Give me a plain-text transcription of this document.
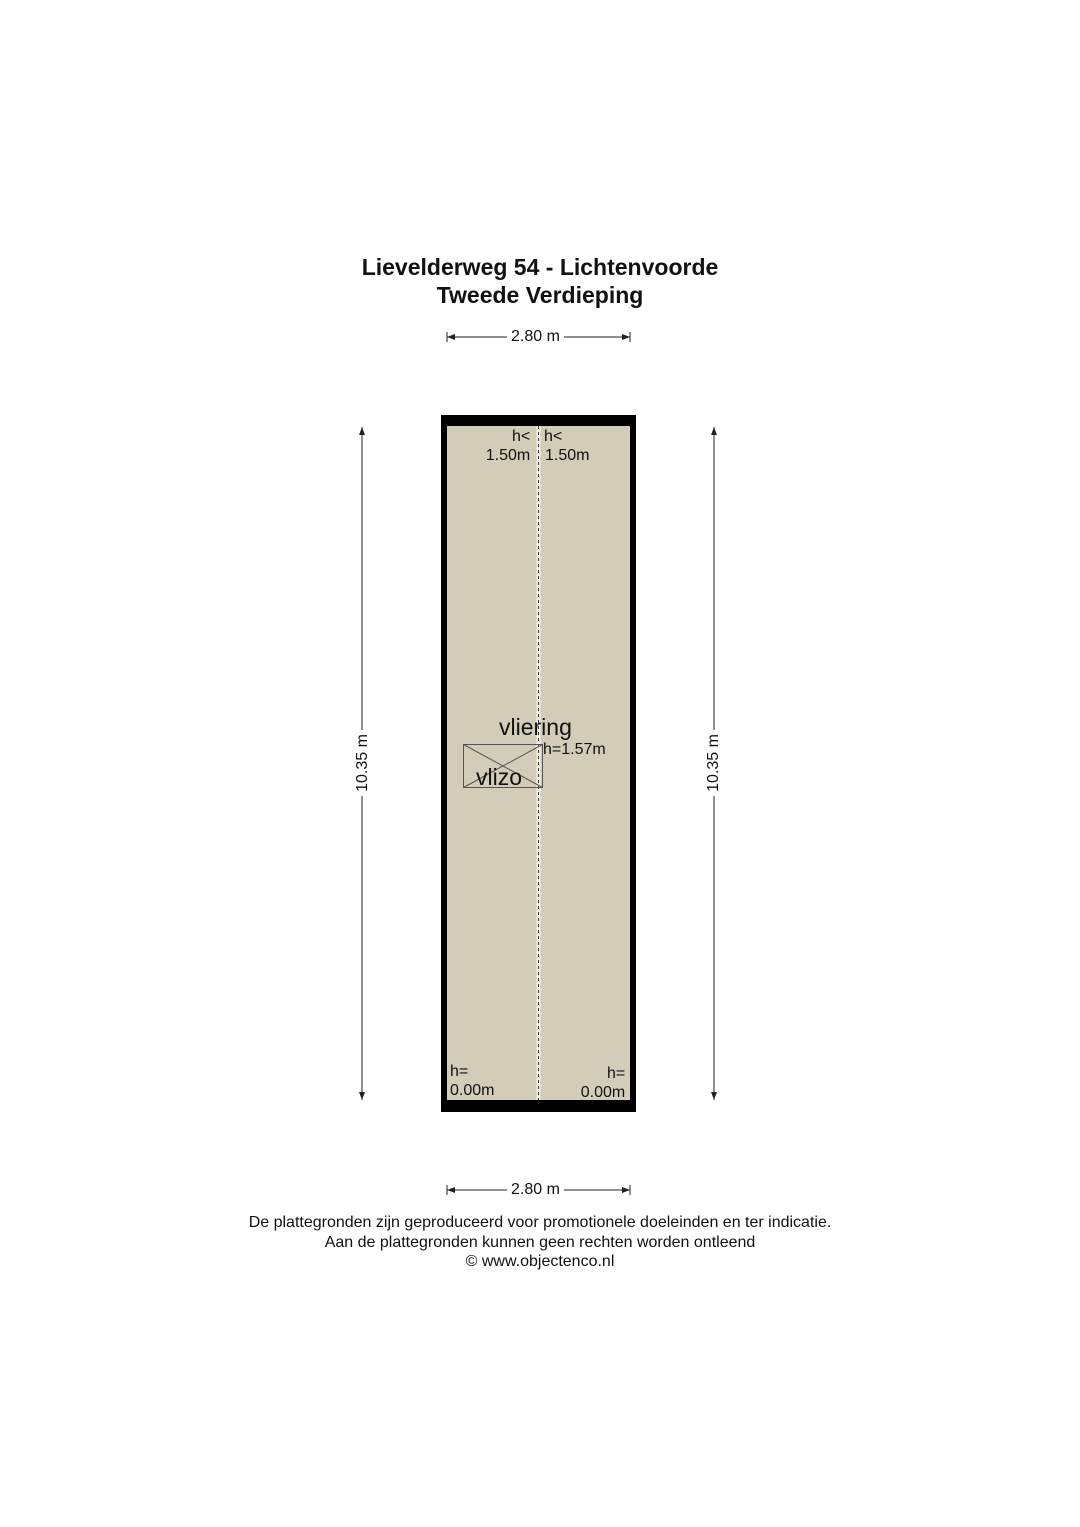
Lievelderweg 54 - Lichtenvoorde
Tweede Verdieping
2.80 m
2.80 m
10.35 m	10.35 m
h<
1.50m
h<
1.50m
vliering
h=1.57m
vlizo
h=
0.00m
h=
0.00m
De plattegronden zijn geproduceerd voor promotionele doeleinden en ter indicatie.
Aan de plattegronden kunnen geen rechten worden ontleend
© www.objectenco.nl
